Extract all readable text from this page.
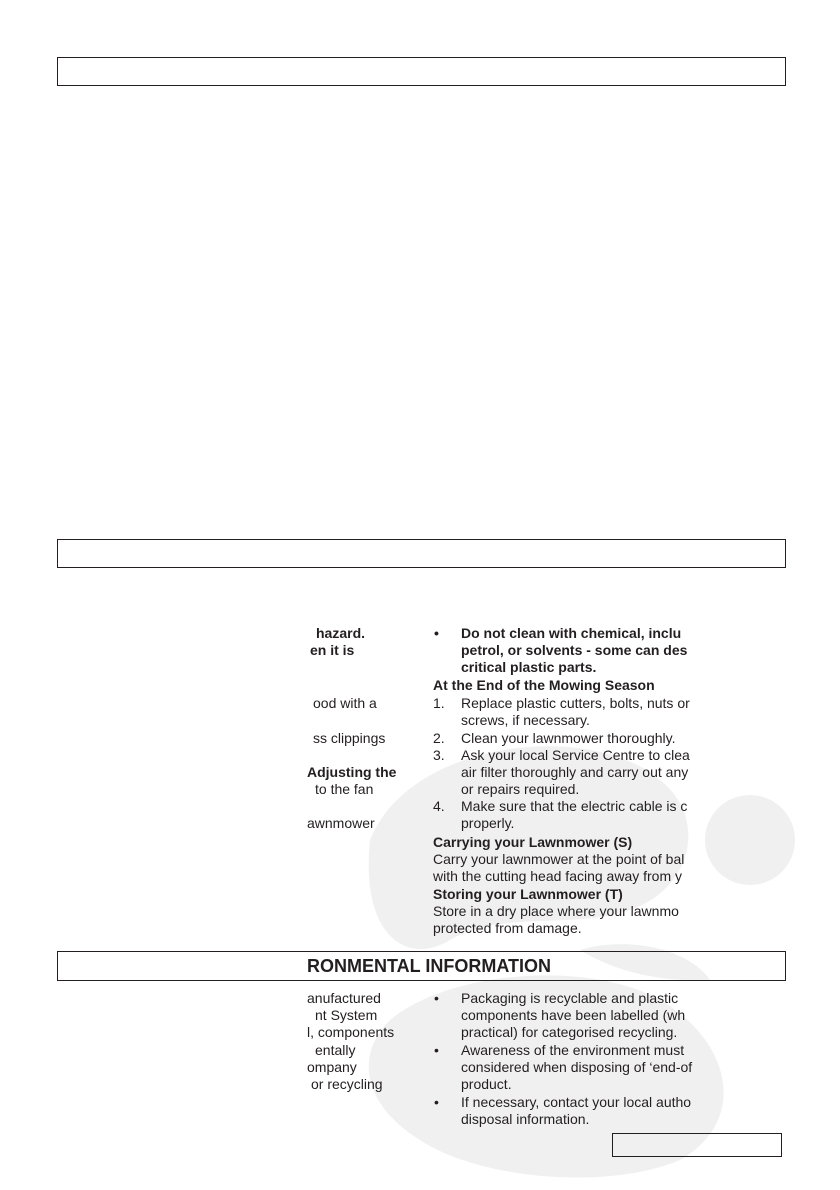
hazard.
en it is
ood with a
ss clippings
Adjusting the
to the fan
awnmower
• Do not clean with chemical, inclu
petrol, or solvents - some can des
critical plastic parts.
At the End of the Mowing Season
1. Replace plastic cutters, bolts, nuts or
screws, if necessary.
2. Clean your lawnmower thoroughly.
3. Ask your local Service Centre to clea
air filter thoroughly and carry out any
or repairs required.
4. Make sure that the electric cable is c
properly.
Carrying your Lawnmower (S)
Carry your lawnmower at the point of bal
with the cutting head facing away from y
Storing your Lawnmower (T)
Store in a dry place where your lawnmo
protected from damage.
RONMENTAL INFORMATION
anufactured
nt System
l, components
entally
ompany
or recycling
• Packaging is recyclable and plastic
components have been labelled (wh
practical) for categorised recycling.
• Awareness of the environment must
considered when disposing of ‘end-of
product.
• If necessary, contact your local autho
disposal information.
